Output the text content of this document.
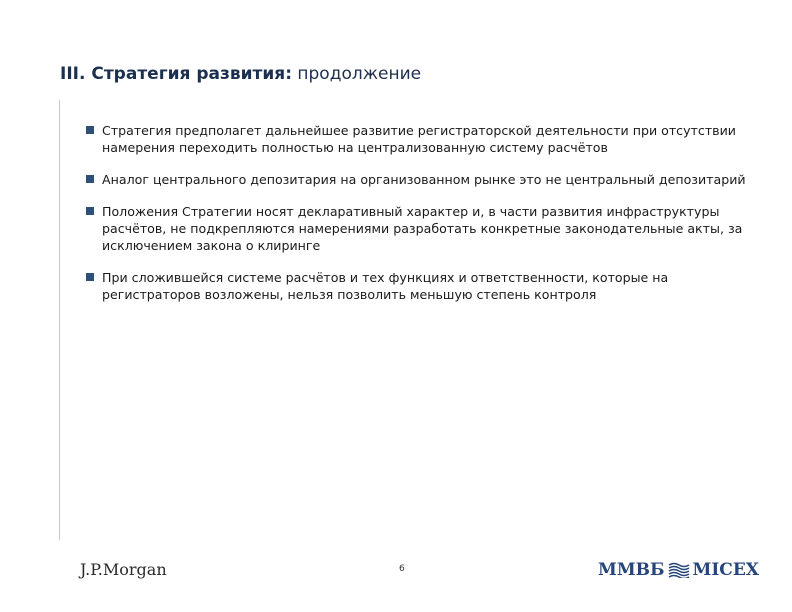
III. Стратегия развития: продолжение
Стратегия предполагет дальнейшее развитие регистраторской деятельности при отсутствии намерения переходить полностью на централизованную систему расчётов
Аналог центрального депозитария на организованном рынке это не центральный депозитарий
Положения Стратегии носят декларативный характер и, в части развития инфраструктуры расчётов, не подкрепляются намерениями разработать конкретные законодательные акты, за исключением закона о клиринге
При сложившейся системе расчётов и тех функциях и ответственности, которые на регистраторов возложены, нельзя позволить меньшую степень контроля
J.P.Morgan	6	ММВБ MICEX
